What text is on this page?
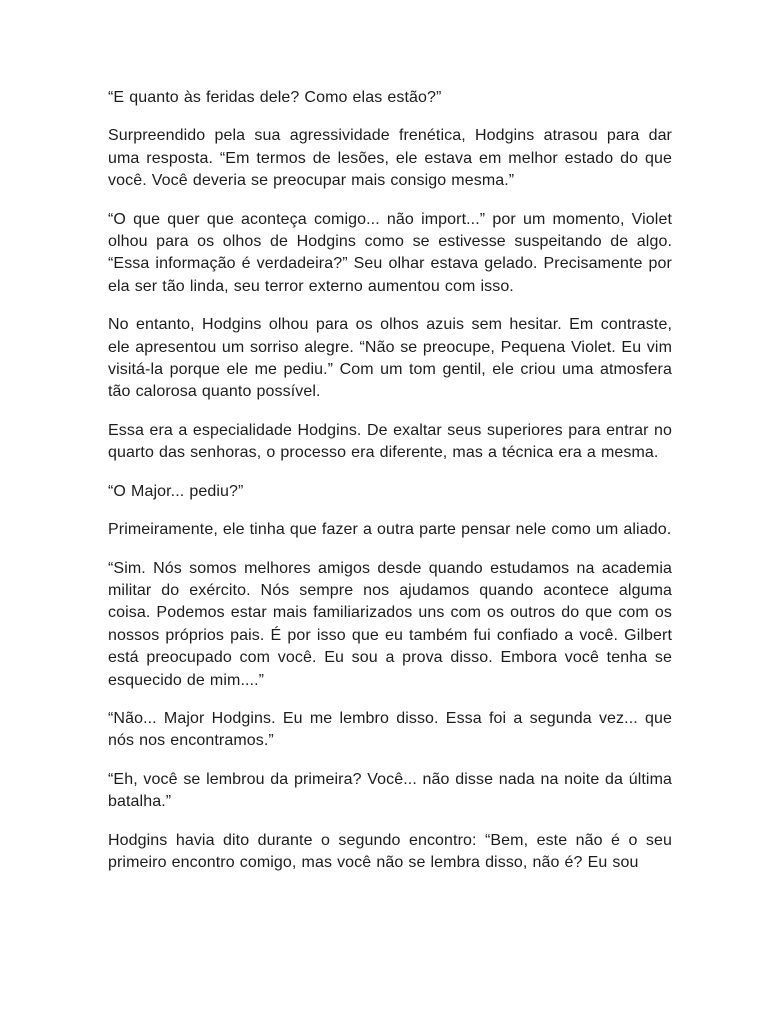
“E quanto às feridas dele? Como elas estão?”

Surpreendido pela sua agressividade frenética, Hodgins atrasou para dar uma resposta. “Em termos de lesões, ele estava em melhor estado do que você. Você deveria se preocupar mais consigo mesma.”

“O que quer que aconteça comigo... não import...” por um momento, Violet olhou para os olhos de Hodgins como se estivesse suspeitando de algo. “Essa informação é verdadeira?” Seu olhar estava gelado. Precisamente por ela ser tão linda, seu terror externo aumentou com isso.

No entanto, Hodgins olhou para os olhos azuis sem hesitar. Em contraste, ele apresentou um sorriso alegre. “Não se preocupe, Pequena Violet. Eu vim visitá-la porque ele me pediu.” Com um tom gentil, ele criou uma atmosfera tão calorosa quanto possível.

Essa era a especialidade Hodgins. De exaltar seus superiores para entrar no quarto das senhoras, o processo era diferente, mas a técnica era a mesma.

“O Major... pediu?”

Primeiramente, ele tinha que fazer a outra parte pensar nele como um aliado.

“Sim. Nós somos melhores amigos desde quando estudamos na academia militar do exército. Nós sempre nos ajudamos quando acontece alguma coisa. Podemos estar mais familiarizados uns com os outros do que com os nossos próprios pais. É por isso que eu também fui confiado a você. Gilbert está preocupado com você. Eu sou a prova disso. Embora você tenha se esquecido de mim....”

“Não... Major Hodgins. Eu me lembro disso. Essa foi a segunda vez... que nós nos encontramos.”

“Eh, você se lembrou da primeira? Você... não disse nada na noite da última batalha.”

Hodgins havia dito durante o segundo encontro: “Bem, este não é o seu primeiro encontro comigo, mas você não se lembra disso, não é? Eu sou
